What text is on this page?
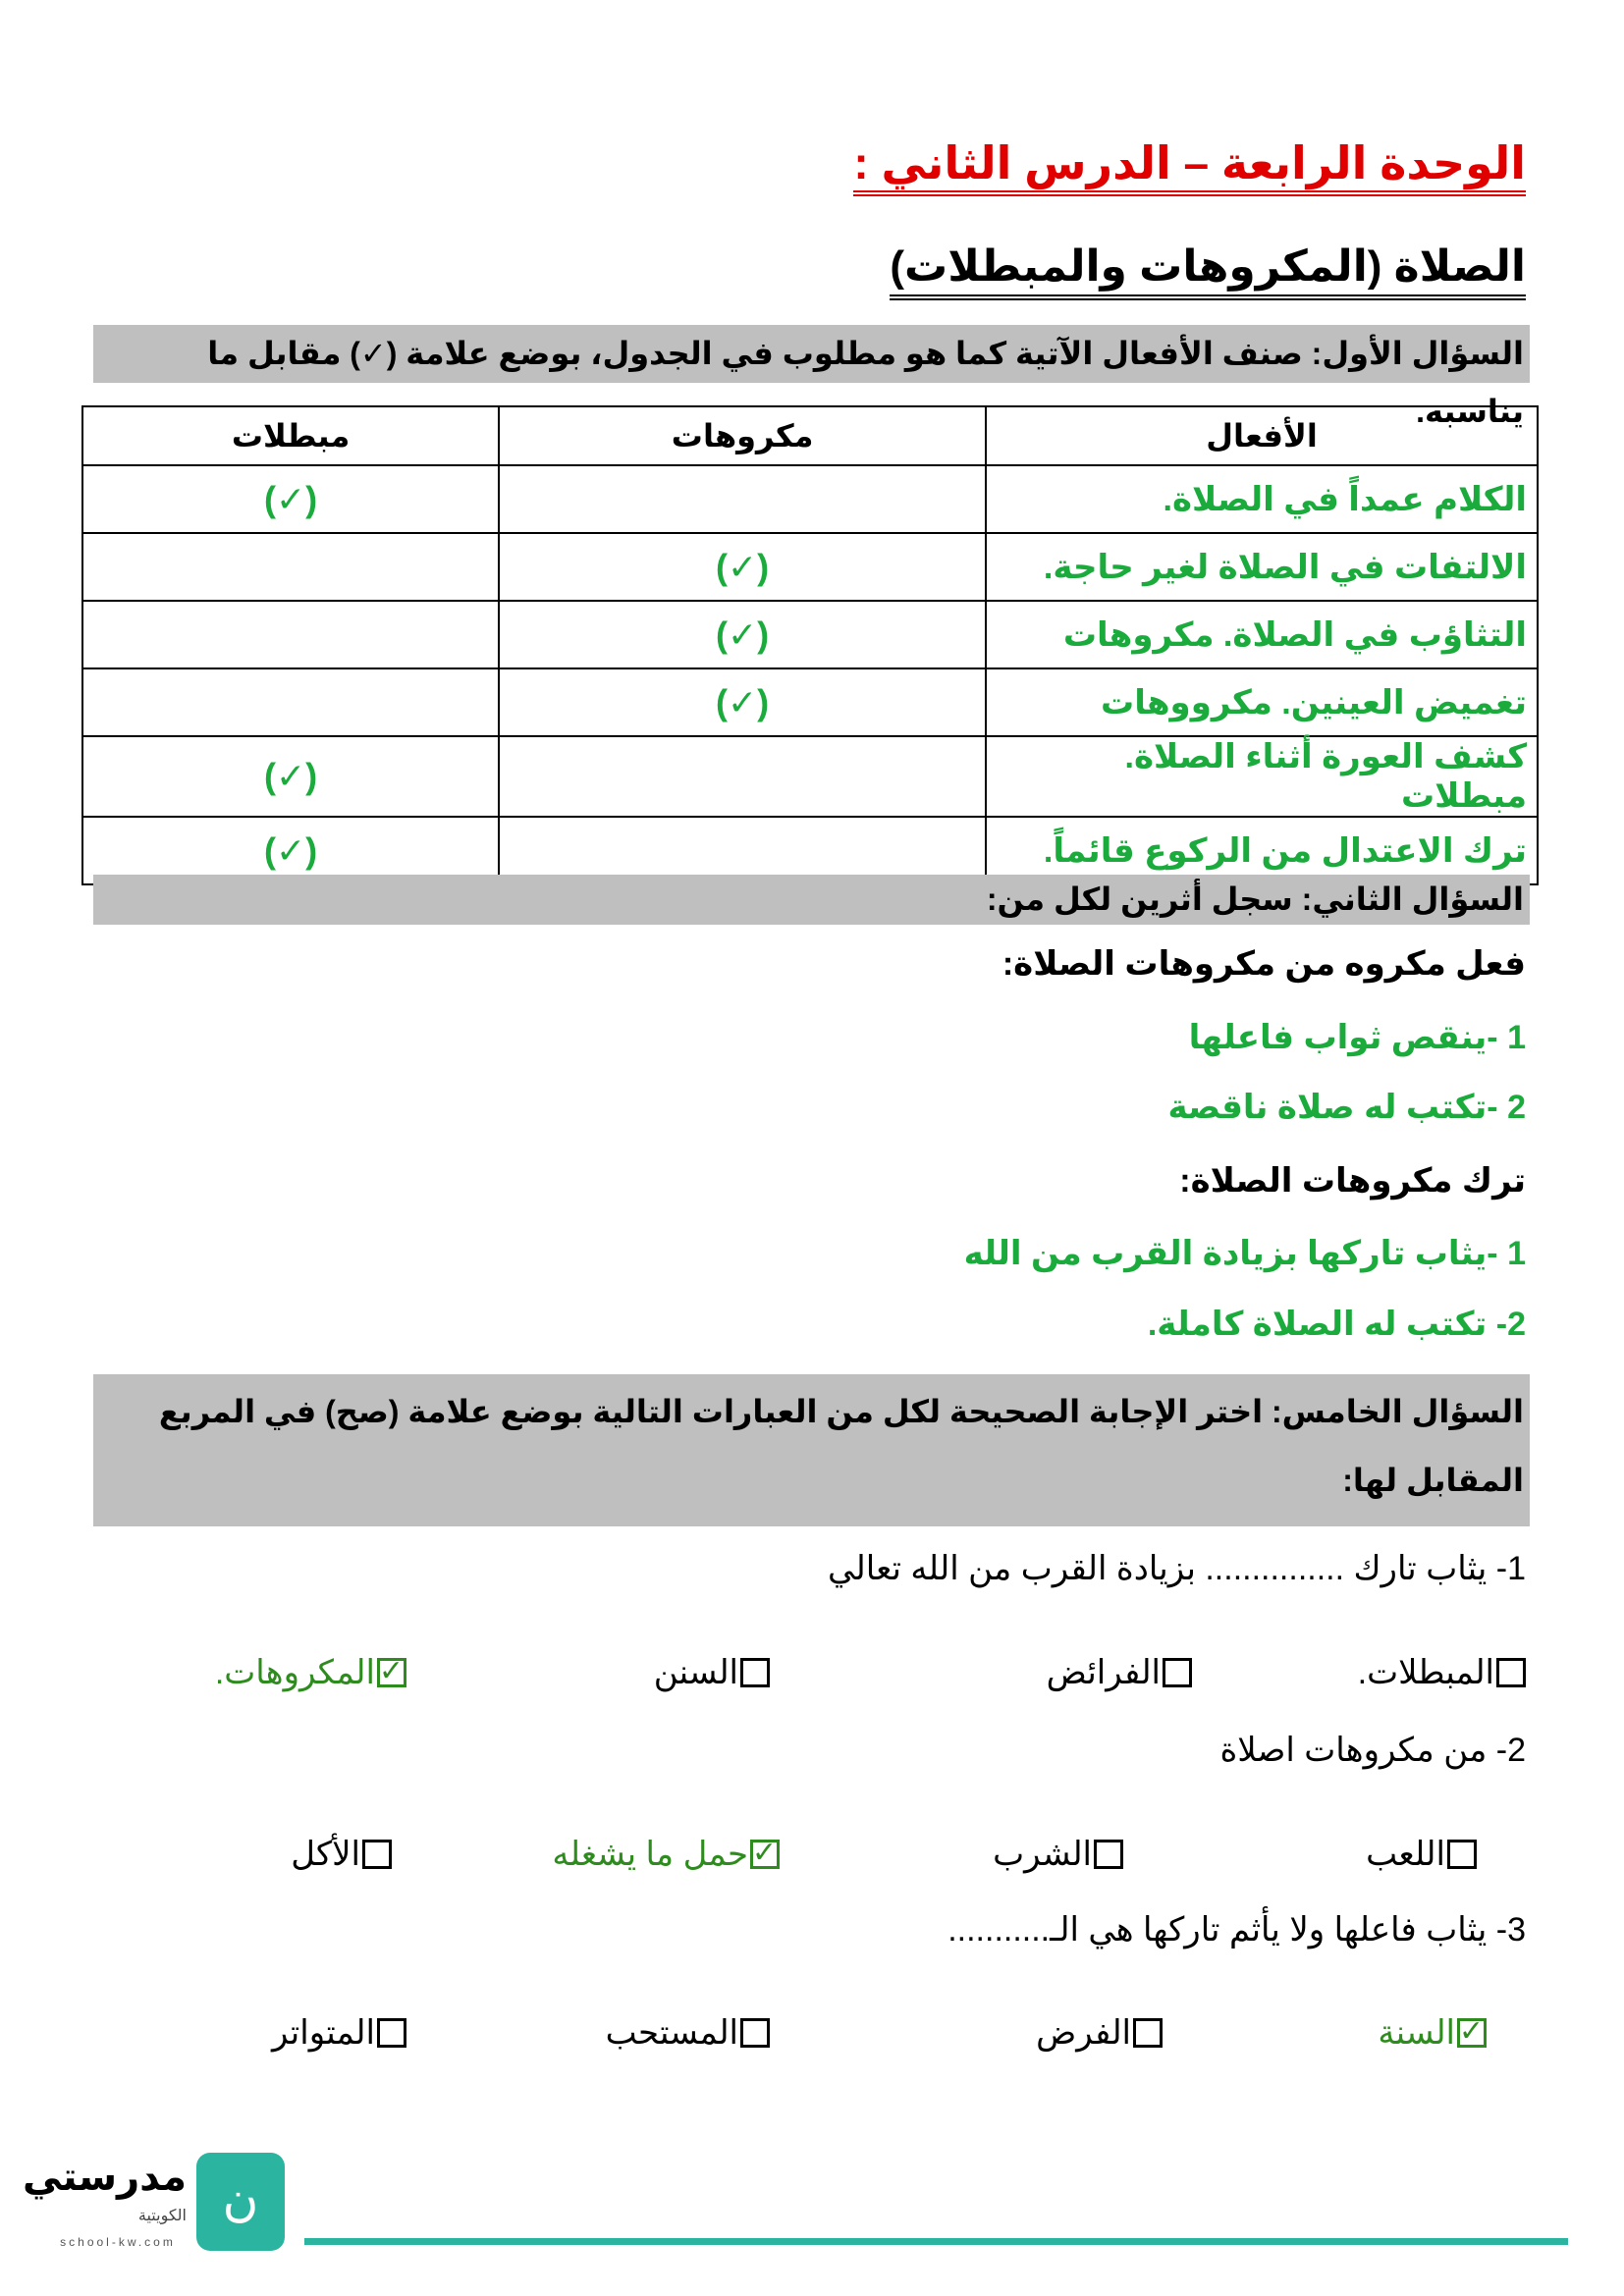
الوحدة الرابعة – الدرس الثاني :
الصلاة (المكروهات والمبطلات)
السؤال الأول: صنف الأفعال الآتية كما هو مطلوب في الجدول، بوضع علامة (✓) مقابل ما يناسبه.
الأفعال	مكروهات	مبطلات
الكلام عمداً في الصلاة.		(✓)
الالتفات في الصلاة لغير حاجة.	(✓)	
التثاؤب في الصلاة. مكروهات	(✓)	
تغميض العينين. مكرووهات	(✓)	
كشف العورة أثناء الصلاة. مبطلات		(✓)
ترك الاعتدال من الركوع قائماً.		(✓)
السؤال الثاني: سجل أثرين لكل من:
فعل مكروه من مكروهات الصلاة:
1 -ينقص ثواب فاعلها
2 -تكتب له صلاة ناقصة
ترك مكروهات الصلاة:
1 -يثاب تاركها بزيادة القرب من الله
2- تكتب له الصلاة كاملة.
السؤال الخامس: اختر الإجابة الصحيحة لكل من العبارات التالية بوضع علامة (صح) في المربع
المقابل لها:
1- يثاب تارك ............... بزيادة القرب من الله تعالي
المبطلات.
الفرائض
السنن
✓
المكروهات.
2- من مكروهات اصلاة
اللعب
الشرب
✓
حمل ما يشغله
الأكل
3- يثاب فاعلها ولا يأثم تاركها هي الـ...........
✓
السنة
الفرض
المستحب
المتواتر
ن
مدرستي
الكويتية
school-kw.com
